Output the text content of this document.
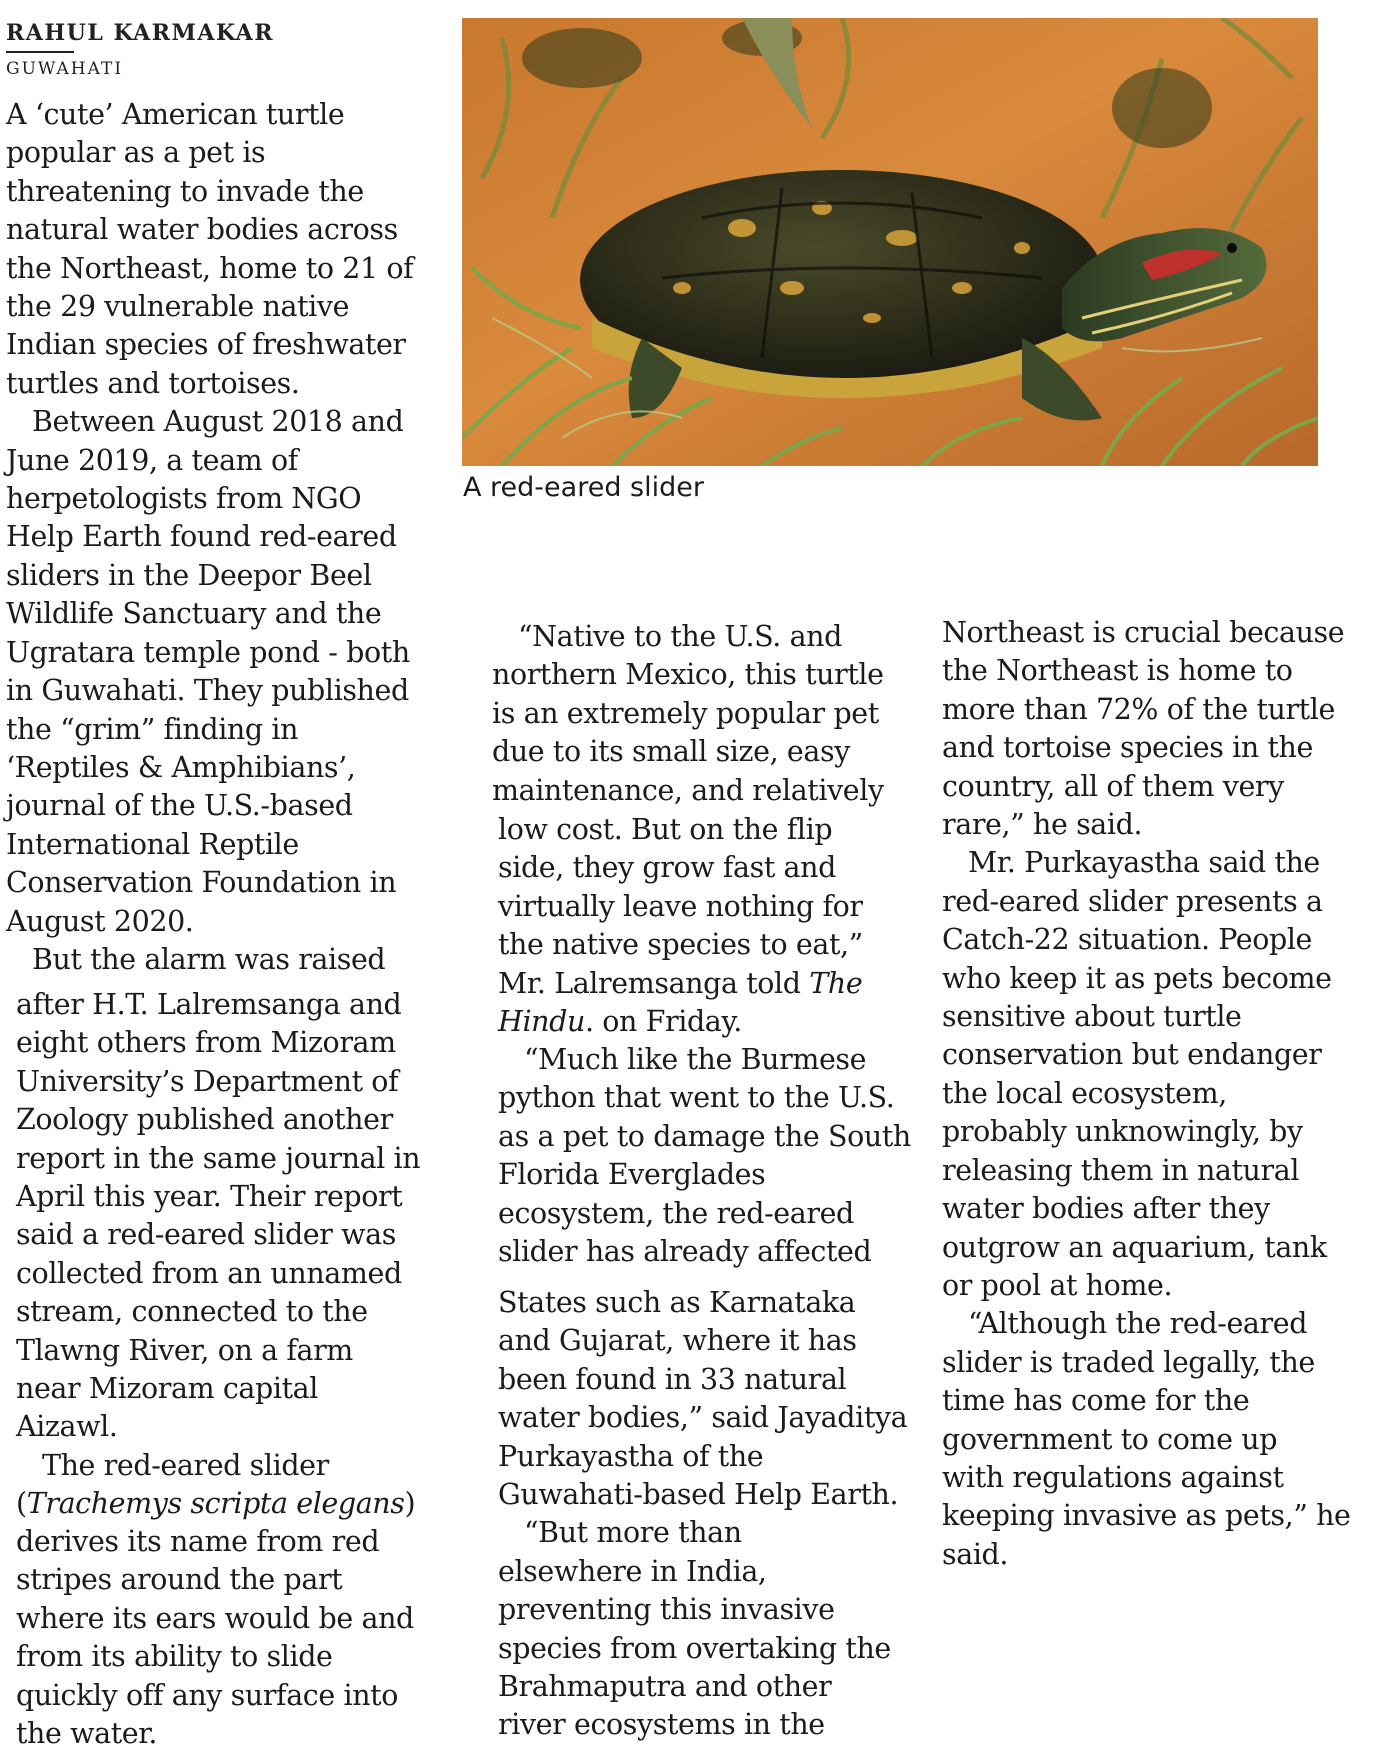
RAHUL KARMAKAR
GUWAHATI
A red-eared slider
A ‘cute’ American turtle
popular as a pet is
threatening to invade the
natural water bodies across
the Northeast, home to 21 of
the 29 vulnerable native
Indian species of freshwater
turtles and tortoises.
Between August 2018 and
June 2019, a team of
herpetologists from NGO
Help Earth found red-eared
sliders in the Deepor Beel
Wildlife Sanctuary and the
Ugratara temple pond - both
in Guwahati. They published
the “grim” finding in
‘Reptiles & Amphibians’,
journal of the U.S.-based
International Reptile
Conservation Foundation in
August 2020.
But the alarm was raised
after H.T. Lalremsanga and
eight others from Mizoram
University’s Department of
Zoology published another
report in the same journal in
April this year. Their report
said a red-eared slider was
collected from an unnamed
stream, connected to the
Tlawng River, on a farm
near Mizoram capital
Aizawl.
The red-eared slider
(Trachemys scripta elegans)
derives its name from red
stripes around the part
where its ears would be and
from its ability to slide
quickly off any surface into
the water.
“Native to the U.S. and
northern Mexico, this turtle
is an extremely popular pet
due to its small size, easy
maintenance, and relatively
low cost. But on the flip
side, they grow fast and
virtually leave nothing for
the native species to eat,”
Mr. Lalremsanga told The
Hindu. on Friday.
“Much like the Burmese
python that went to the U.S.
as a pet to damage the South
Florida Everglades
ecosystem, the red-eared
slider has already affected
States such as Karnataka
and Gujarat, where it has
been found in 33 natural
water bodies,” said Jayaditya
Purkayastha of the
Guwahati-based Help Earth.
“But more than
elsewhere in India,
preventing this invasive
species from overtaking the
Brahmaputra and other
river ecosystems in the
Northeast is crucial because
the Northeast is home to
more than 72% of the turtle
and tortoise species in the
country, all of them very
rare,” he said.
Mr. Purkayastha said the
red-eared slider presents a
Catch-22 situation. People
who keep it as pets become
sensitive about turtle
conservation but endanger
the local ecosystem,
probably unknowingly, by
releasing them in natural
water bodies after they
outgrow an aquarium, tank
or pool at home.
“Although the red-eared
slider is traded legally, the
time has come for the
government to come up
with regulations against
keeping invasive as pets,” he
said.
